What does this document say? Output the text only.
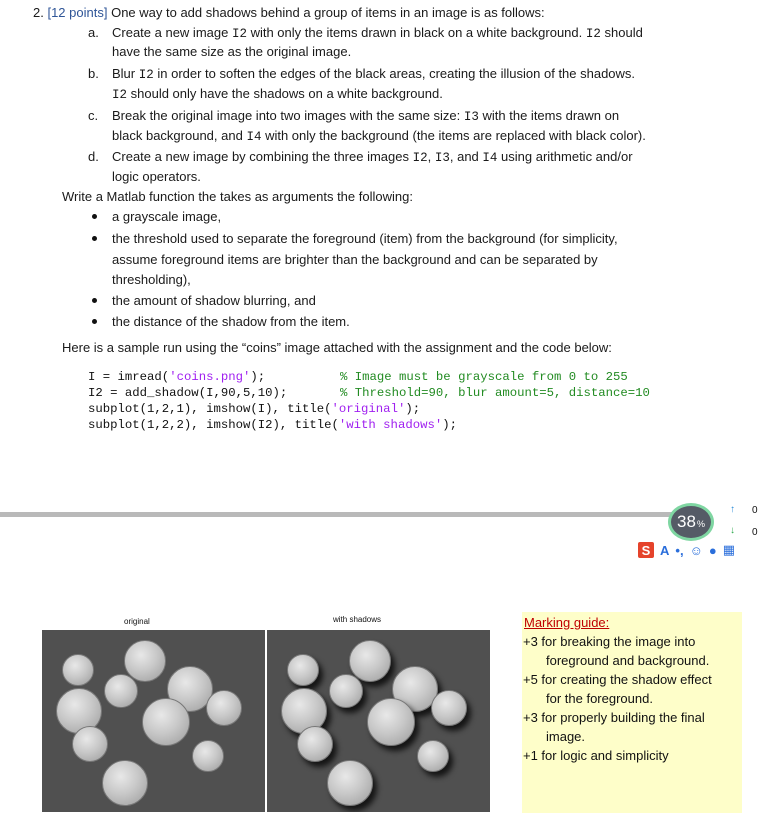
2. [12 points] One way to add shadows behind a group of items in an image is as follows:
a. Create a new image I2 with only the items drawn in black on a white background. I2 should
have the same size as the original image.
b. Blur I2 in order to soften the edges of the black areas, creating the illusion of the shadows.
I2 should only have the shadows on a white background.
c. Break the original image into two images with the same size: I3 with the items drawn on
black background, and I4 with only the background (the items are replaced with black color).
d. Create a new image by combining the three images I2, I3, and I4 using arithmetic and/or
logic operators.
Write a Matlab function the takes as arguments the following:
a grayscale image,
the threshold used to separate the foreground (item) from the background (for simplicity,
assume foreground items are brighter than the background and can be separated by
thresholding),
the amount of shadow blurring, and
the distance of the shadow from the item.
Here is a sample run using the “coins” image attached with the assignment and the code below:
I = imread('coins.png');	% Image must be grayscale from 0 to 255
I2 = add_shadow(I,90,5,10);	% Threshold=90, blur amount=5, distance=10
subplot(1,2,1), imshow(I), title('original');
subplot(1,2,2), imshow(I2), title('with shadows');
38 %
↑ 0
↓ 0
S A •, ☺ ● ▦
original	with shadows	Marking guide:
+3 for breaking the image into
foreground and background.
+5 for creating the shadow effect
for the foreground.
+3 for properly building the final
image.
+1 for logic and simplicity
